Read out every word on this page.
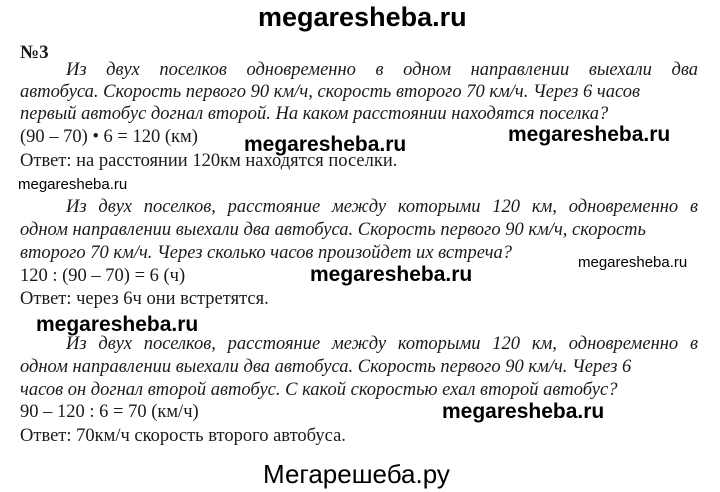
megaresheba.ru
№3
Из двух поселков одновременно в одном направлении выехали два
автобуса. Скорость первого 90 км/ч, скорость второго 70 км/ч. Через 6 часов
первый автобус догнал второй. На каком расстоянии находятся поселка?
(90 – 70) • 6 = 120 (км) megaresheba.ru	megaresheba.ru
Ответ: на расстоянии 120км находятся поселки.
megaresheba.ru
Из двух поселков, расстояние между которыми 120 км, одновременно в
одном направлении выехали два автобуса. Скорость первого 90 км/ч, скорость
второго 70 км/ч. Через сколько часов произойдет их встреча?	megaresheba.ru
120 : (90 – 70) = 6 (ч)	megaresheba.ru
Ответ: через 6ч они встретятся.
megaresheba.ru
Из двух поселков, расстояние между которыми 120 км, одновременно в
одном направлении выехали два автобуса. Скорость первого 90 км/ч. Через 6
часов он догнал второй автобус. С какой скоростью ехал второй автобус?
90 – 120 : 6 = 70 (км/ч)	megaresheba.ru
Ответ: 70км/ч скорость второго автобуса.
Мегарешеба.ру
